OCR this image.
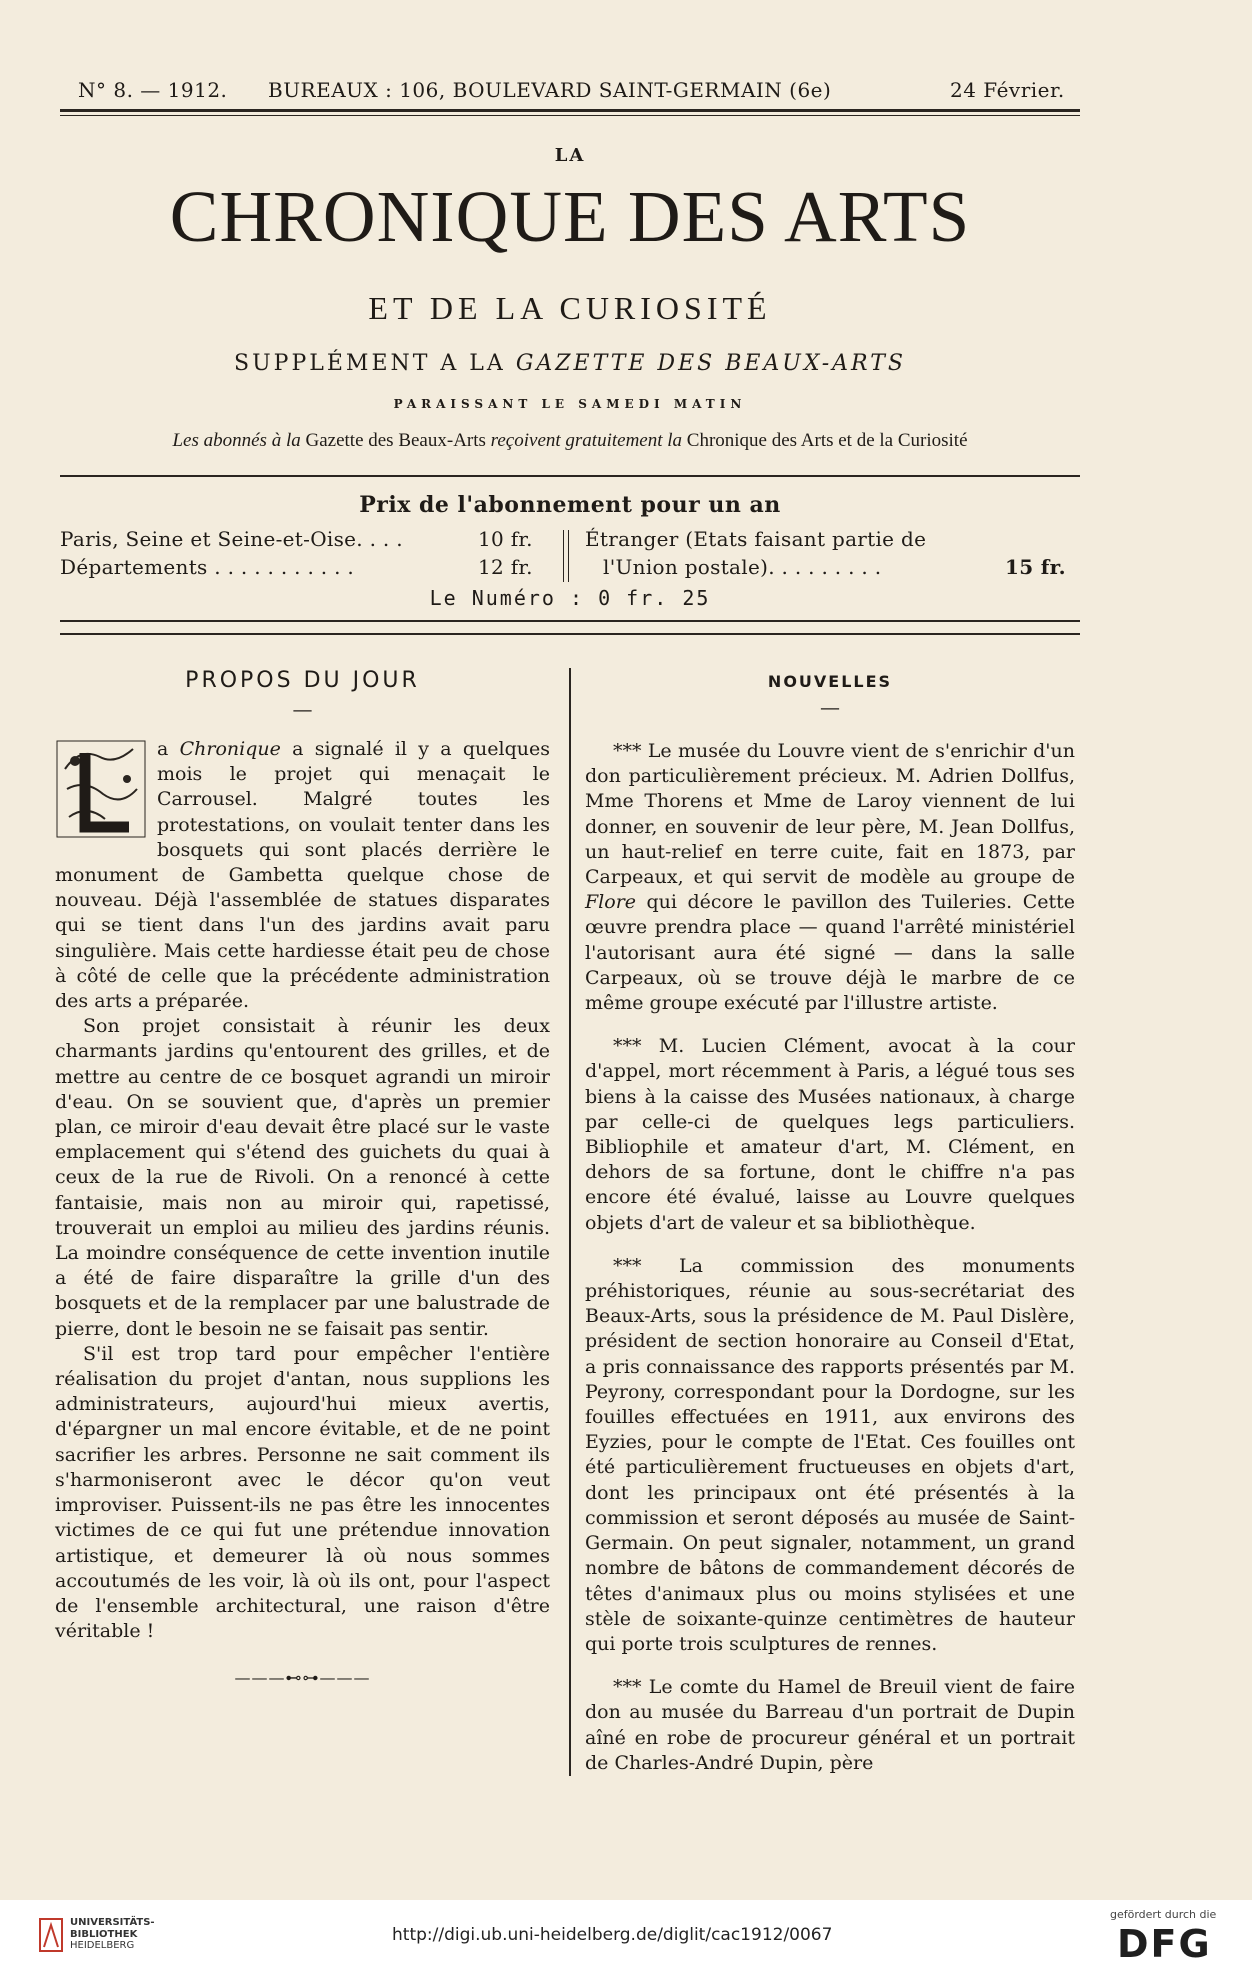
N° 8. — 1912. BUREAUX : 106, BOULEVARD SAINT-GERMAIN (6e)	24 Février.
LA
CHRONIQUE DES ARTS
ET DE LA CURIOSITÉ
SUPPLÉMENT A LA GAZETTE DES BEAUX-ARTS
PARAISSANT LE SAMEDI MATIN
Les abonnés à la Gazette des Beaux-Arts reçoivent gratuitement la Chronique des Arts et de la Curiosité
Prix de l'abonnement pour un an
Paris, Seine et Seine-et-Oise. . . .	10 fr.
Départements . . . . . . . . . . .	12 fr.
Étranger (Etats faisant partie de
l'Union postale). . . . . . . . .	15 fr.
Le Numéro : 0 fr. 25
PROPOS DU JOUR
—

a Chronique a signalé il y a quelques mois le projet qui menaçait le Carrousel. Malgré toutes les protestations, on voulait tenter dans les bosquets qui sont placés derrière le monument de Gambetta quelque chose de nouveau. Déjà l'assemblée de statues disparates qui se tient dans l'un des jardins avait paru singulière. Mais cette hardiesse était peu de chose à côté de celle que la précédente administration des arts a préparée.

Son projet consistait à réunir les deux charmants jardins qu'entourent des grilles, et de mettre au centre de ce bosquet agrandi un miroir d'eau. On se souvient que, d'après un premier plan, ce miroir d'eau devait être placé sur le vaste emplacement qui s'étend des guichets du quai à ceux de la rue de Rivoli. On a renoncé à cette fantaisie, mais non au miroir qui, rapetissé, trouverait un emploi au milieu des jardins réunis. La moindre conséquence de cette invention inutile a été de faire disparaître la grille d'un des bosquets et de la remplacer par une balustrade de pierre, dont le besoin ne se faisait pas sentir.

S'il est trop tard pour empêcher l'entière réalisation du projet d'antan, nous supplions les administrateurs, aujourd'hui mieux avertis, d'épargner un mal encore évitable, et de ne point sacrifier les arbres. Personne ne sait comment ils s'harmoniseront avec le décor qu'on veut improviser. Puissent-ils ne pas être les innocentes victimes de ce qui fut une prétendue innovation artistique, et demeurer là où nous sommes accoutumés de les voir, là où ils ont, pour l'aspect de l'ensemble architectural, une raison d'être véritable !

———⊷⊶———
NOUVELLES
—

*** Le musée du Louvre vient de s'enrichir d'un don particulièrement précieux. M. Adrien Dollfus, Mme Thorens et Mme de Laroy viennent de lui donner, en souvenir de leur père, M. Jean Dollfus, un haut-relief en terre cuite, fait en 1873, par Carpeaux, et qui servit de modèle au groupe de Flore qui décore le pavillon des Tuileries. Cette œuvre prendra place — quand l'arrêté ministériel l'autorisant aura été signé — dans la salle Carpeaux, où se trouve déjà le marbre de ce même groupe exécuté par l'illustre artiste.

*** M. Lucien Clément, avocat à la cour d'appel, mort récemment à Paris, a légué tous ses biens à la caisse des Musées nationaux, à charge par celle-ci de quelques legs particuliers. Bibliophile et amateur d'art, M. Clément, en dehors de sa fortune, dont le chiffre n'a pas encore été évalué, laisse au Louvre quelques objets d'art de valeur et sa bibliothèque.

*** La commission des monuments préhistoriques, réunie au sous-secrétariat des Beaux-Arts, sous la présidence de M. Paul Dislère, président de section honoraire au Conseil d'Etat, a pris connaissance des rapports présentés par M. Peyrony, correspondant pour la Dordogne, sur les fouilles effectuées en 1911, aux environs des Eyzies, pour le compte de l'Etat. Ces fouilles ont été particulièrement fructueuses en objets d'art, dont les principaux ont été présentés à la commission et seront déposés au musée de Saint-Germain. On peut signaler, notamment, un grand nombre de bâtons de commandement décorés de têtes d'animaux plus ou moins stylisées et une stèle de soixante-quinze centimètres de hauteur qui porte trois sculptures de rennes.

*** Le comte du Hamel de Breuil vient de faire don au musée du Barreau d'un portrait de Dupin aîné en robe de procureur général et un portrait de Charles-André Dupin, père

UNIVERSITÄTS-
BIBLIOTHEK
HEIDELBERG
http://digi.ub.uni-heidelberg.de/diglit/cac1912/0067
gefördert durch die
DFG
